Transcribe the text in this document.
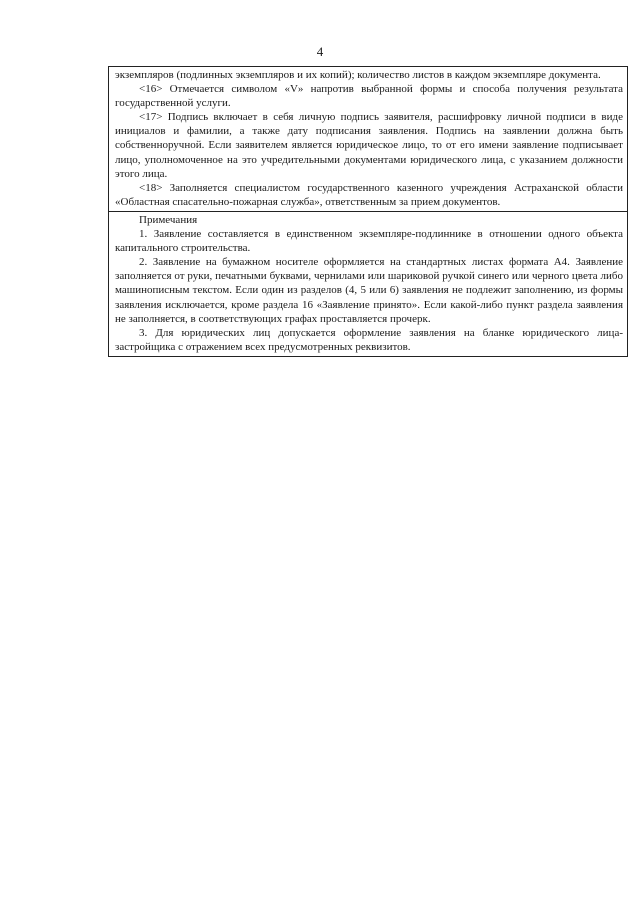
4

экземпляров (подлинных экземпляров и их копий); количество листов в каждом экземпляре документа.

<16> Отмечается символом «V» напротив выбранной формы и способа получения результата государственной услуги.

<17> Подпись включает в себя личную подпись заявителя, расшифровку личной подписи в виде инициалов и фамилии, а также дату подписания заявления. Подпись на заявлении должна быть собственноручной. Если заявителем является юридическое лицо, то от его имени заявление подписывает лицо, уполномоченное на это учредительными документами юридического лица, с указанием должности этого лица.

<18> Заполняется специалистом государственного казенного учреждения Астраханской области «Областная спасательно-пожарная служба», ответственным за прием документов.

Примечания

1. Заявление составляется в единственном экземпляре-подлиннике в отношении одного объекта капитального строительства.

2. Заявление на бумажном носителе оформляется на стандартных листах формата А4. Заявление заполняется от руки, печатными буквами, чернилами или шариковой ручкой синего или черного цвета либо машинописным текстом. Если один из разделов (4, 5 или 6) заявления не подлежит заполнению, из формы заявления исключается, кроме раздела 16 «Заявление принято». Если какой-либо пункт раздела заявления не заполняется, в соответствующих графах проставляется прочерк.

3. Для юридических лиц допускается оформление заявления на бланке юридического лица-застройщика с отражением всех предусмотренных реквизитов.
